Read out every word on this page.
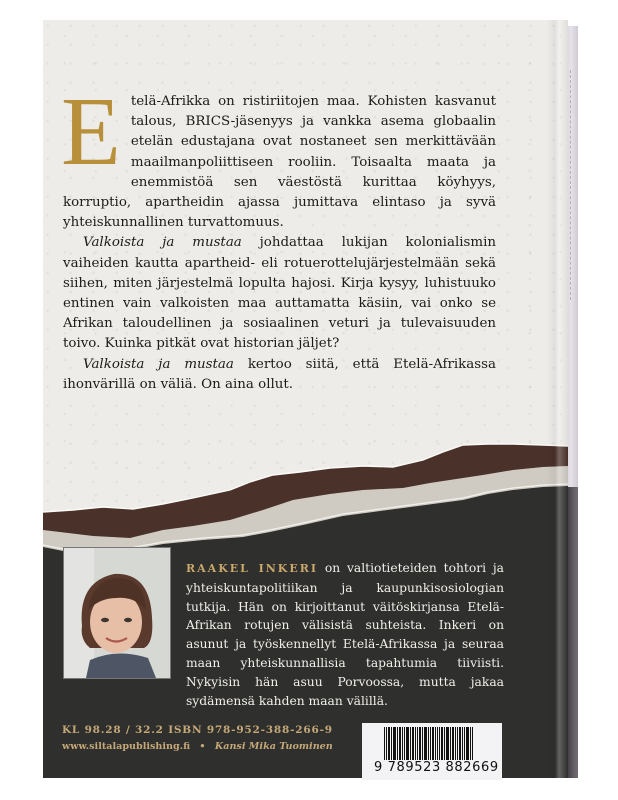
E telä-Afrikka on ristiriitojen maa. Kohisten kasvanut talous, BRICS-jäsenyys ja vankka asema globaalin etelän edustajana ovat nostaneet sen merkittävään maailmanpoliittiseen rooliin. Toisaalta maata ja enemmistöä sen väestöstä kurittaa köyhyys, korruptio, apartheidin ajassa jumittava elintaso ja syvä yhteiskunnallinen turvattomuus.

Valkoista ja mustaa johdattaa lukijan kolonialismin vaiheiden kautta apartheid- eli rotuerottelujärjestelmään sekä siihen, miten järjestelmä lopulta hajosi. Kirja kysyy, luhistuuko entinen vain valkoisten maa auttamatta käsiin, vai onko se Afrikan taloudellinen ja sosiaalinen veturi ja tulevaisuuden toivo. Kuinka pitkät ovat historian jäljet?

Valkoista ja mustaa kertoo siitä, että Etelä-Afrikassa ihonvärillä on väliä. On aina ollut.

RAAKEL INKERI on valtiotieteiden tohtori ja yhteiskuntapolitiikan ja kaupunkisosiologian tutkija. Hän on kirjoittanut väitöskirjansa Etelä-Afrikan rotujen välisistä suhteista. Inkeri on asunut ja työskennellyt Etelä-Afrikassa ja seuraa maan yhteiskunnallisia tapahtumia tiiviisti. Nykyisin hän asuu Porvoossa, mutta jakaa sydämensä kahden maan välillä.
KL 98.28 / 32.2 ISBN 978-952-388-266-9
www.siltalapublishing.fi • Kansi Mika Tuominen
9 789523 882669
